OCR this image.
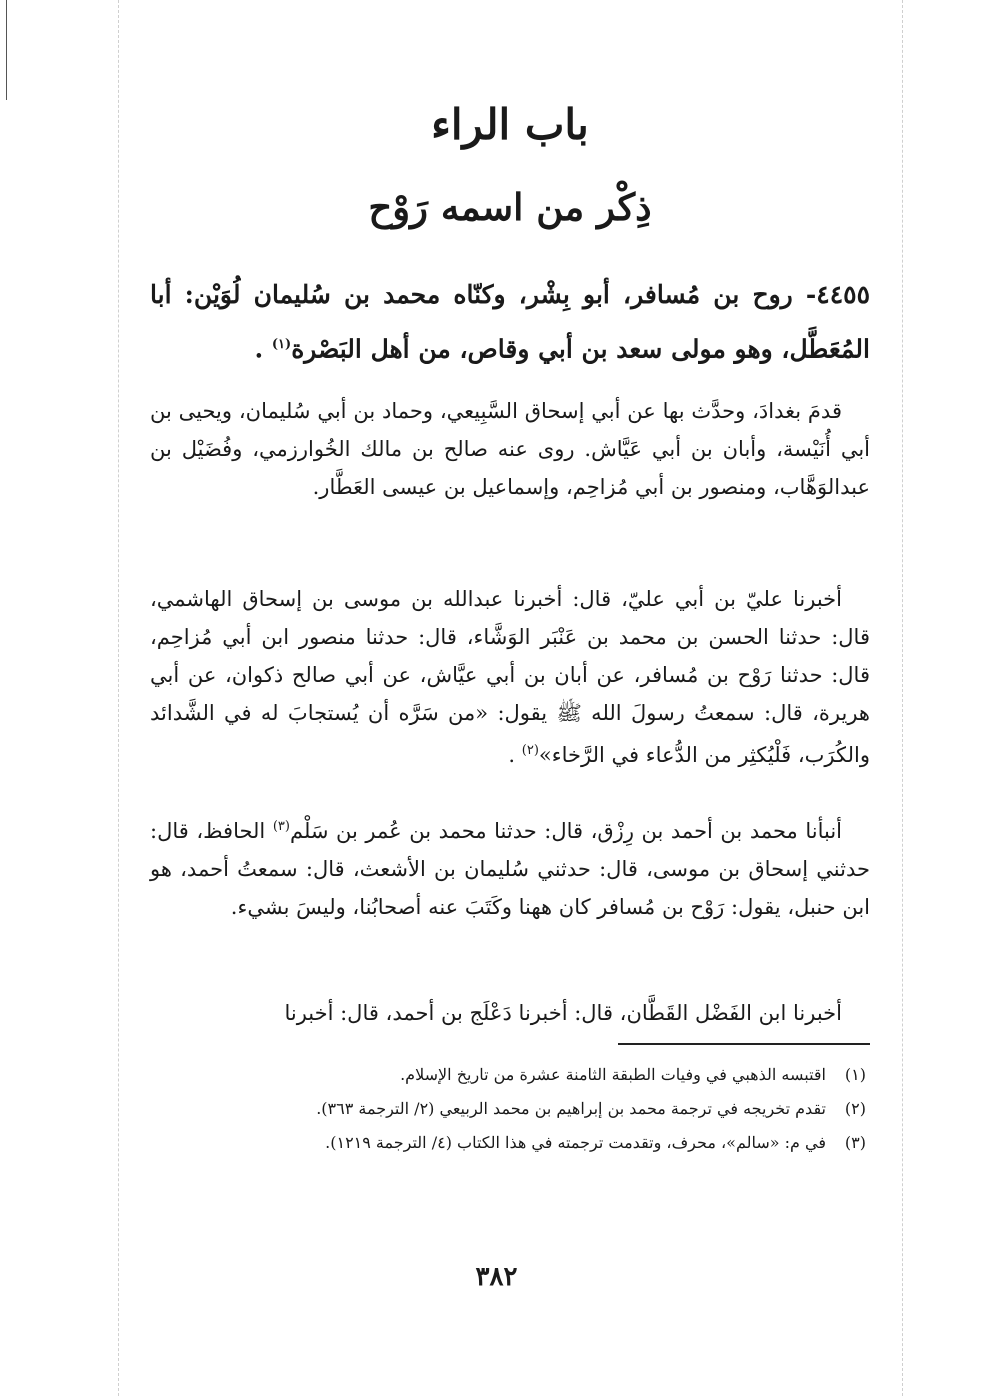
باب الراء
ذِكْر من اسمه رَوْح
٤٤٥٥- روح بن مُسافر، أبو بِشْر، وكنّاه محمد بن سُليمان لُوَيْن: أبا المُعَطَّل، وهو مولى سعد بن أبي وقاص، من أهل البَصْرة$^{(١)}$ .
قدمَ بغدادَ، وحدَّث بها عن أبي إسحاق السَّبِيعي، وحماد بن أبي سُليمان، ويحيى بن أبي أُنَيْسة، وأبان بن أبي عَيَّاش. روى عنه صالح بن مالك الخُوارزمي، وفُضَيْل بن عبدالوَهَّاب، ومنصور بن أبي مُزاحِم، وإسماعيل بن عيسى العَطَّار.
أخبرنا عليّ بن أبي عليّ، قال: أخبرنا عبدالله بن موسى بن إسحاق الهاشمي، قال: حدثنا الحسن بن محمد بن عَنْبَر الوَشَّاء، قال: حدثنا منصور ابن أبي مُزاحِم، قال: حدثنا رَوْح بن مُسافر، عن أبان بن أبي عيَّاش، عن أبي صالح ذكوان، عن أبي هريرة، قال: سمعتُ رسولَ الله ﷺ يقول: «من سَرَّه أن يُستجابَ له في الشَّدائد والكُرَب، فَلْيُكثِر من الدُّعاء في الرَّخاء»$^{(٢)}$ .
أنبأنا محمد بن أحمد بن رِزْق، قال: حدثنا محمد بن عُمر بن سَلْم$^{(٣)}$ الحافظ، قال: حدثني إسحاق بن موسى، قال: حدثني سُليمان بن الأشعث، قال: سمعتُ أحمد، هو ابن حنبل، يقول: رَوْح بن مُسافر كان ههنا وكَتَبَ عنه أصحابُنا، وليسَ بشيء.
أخبرنا ابن الفَضْل القَطَّان، قال: أخبرنا دَعْلَج بن أحمد، قال: أخبرنا
(١)اقتبسه الذهبي في وفيات الطبقة الثامنة عشرة من تاريخ الإسلام.
(٢)تقدم تخريجه في ترجمة محمد بن إبراهيم بن محمد الربيعي (٢/ الترجمة ٣٦٣).
(٣)في م: «سالم»، محرف، وتقدمت ترجمته في هذا الكتاب (٤/ الترجمة ١٢١٩).
٣٨٢
